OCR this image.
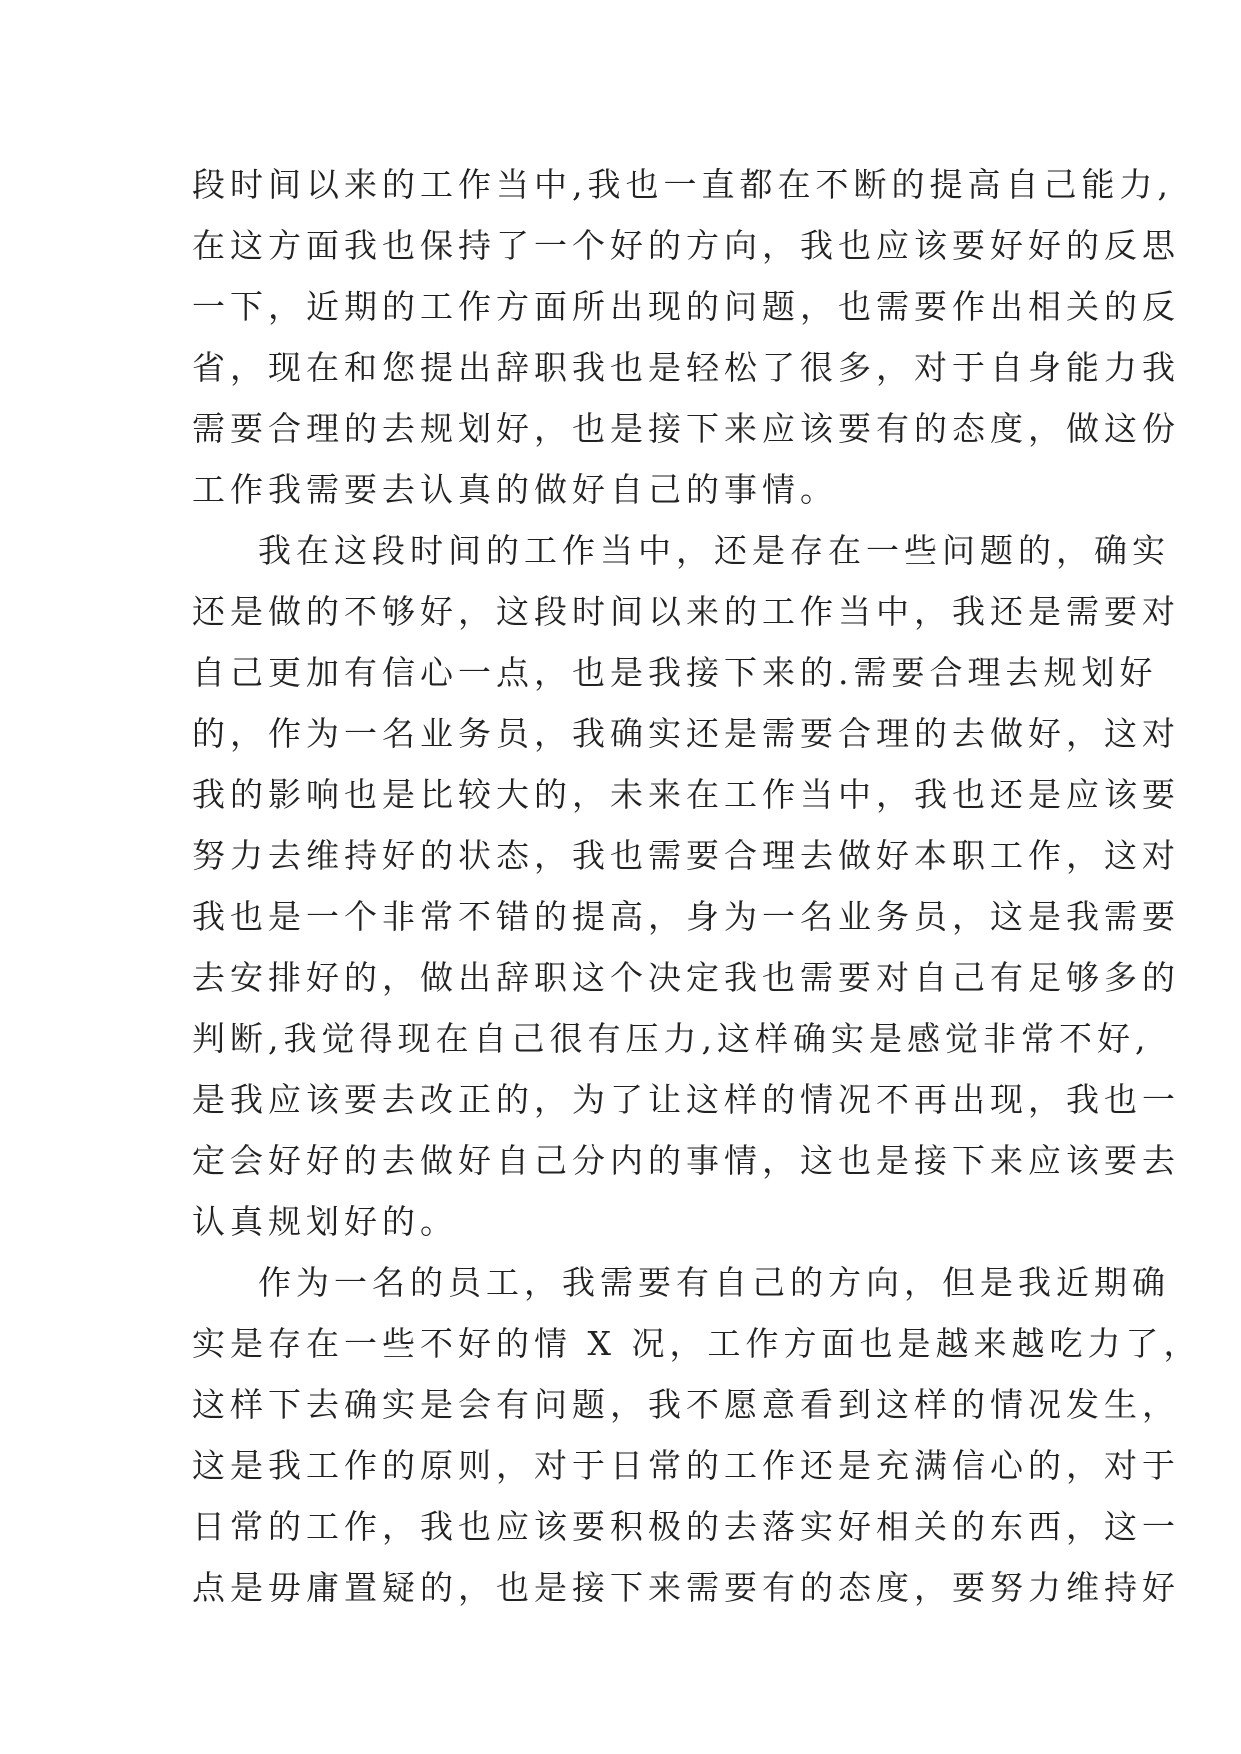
段时间以来的工作当中,我也一直都在不断的提高自己能力,
在这方面我也保持了一个好的方向，我也应该要好好的反思
一下，近期的工作方面所出现的问题，也需要作出相关的反
省，现在和您提出辞职我也是轻松了很多，对于自身能力我
需要合理的去规划好，也是接下来应该要有的态度，做这份
工作我需要去认真的做好自己的事情。
我在这段时间的工作当中，还是存在一些问题的，确实
还是做的不够好，这段时间以来的工作当中，我还是需要对
自己更加有信心一点，也是我接下来的.需要合理去规划好
的，作为一名业务员，我确实还是需要合理的去做好，这对
我的影响也是比较大的，未来在工作当中，我也还是应该要
努力去维持好的状态，我也需要合理去做好本职工作，这对
我也是一个非常不错的提高，身为一名业务员，这是我需要
去安排好的，做出辞职这个决定我也需要对自己有足够多的
判断,我觉得现在自己很有压力,这样确实是感觉非常不好,
是我应该要去改正的，为了让这样的情况不再出现，我也一
定会好好的去做好自己分内的事情，这也是接下来应该要去
认真规划好的。
作为一名的员工，我需要有自己的方向，但是我近期确
实是存在一些不好的情 X 况，工作方面也是越来越吃力了，
这样下去确实是会有问题，我不愿意看到这样的情况发生，
这是我工作的原则，对于日常的工作还是充满信心的，对于
日常的工作，我也应该要积极的去落实好相关的东西，这一
点是毋庸置疑的，也是接下来需要有的态度，要努力维持好
